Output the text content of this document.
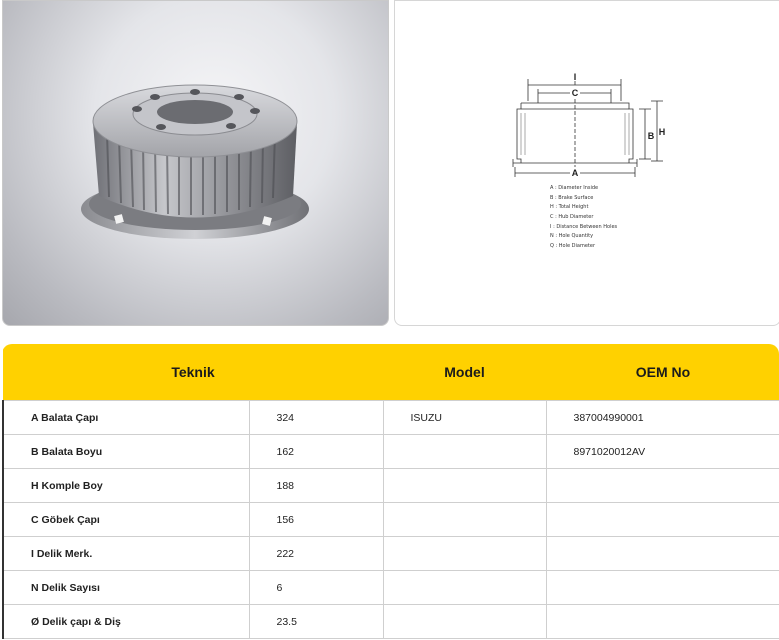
I
C
A
B H
A : Diameter Inside
B : Brake Surface
H : Total Height
C : Hub Diameter
I : Distance Between Holes
N : Hole Quantity
Q : Hole Diameter
Teknik		Model	OEM No
A Balata Çapı	324	ISUZU	387004990001
B Balata Boyu	162		8971020012AV
H Komple Boy	188		
C Göbek Çapı	156		
I Delik Merk.	222		
N Delik Sayısı	6		
Ø Delik çapı & Diş	23.5		
